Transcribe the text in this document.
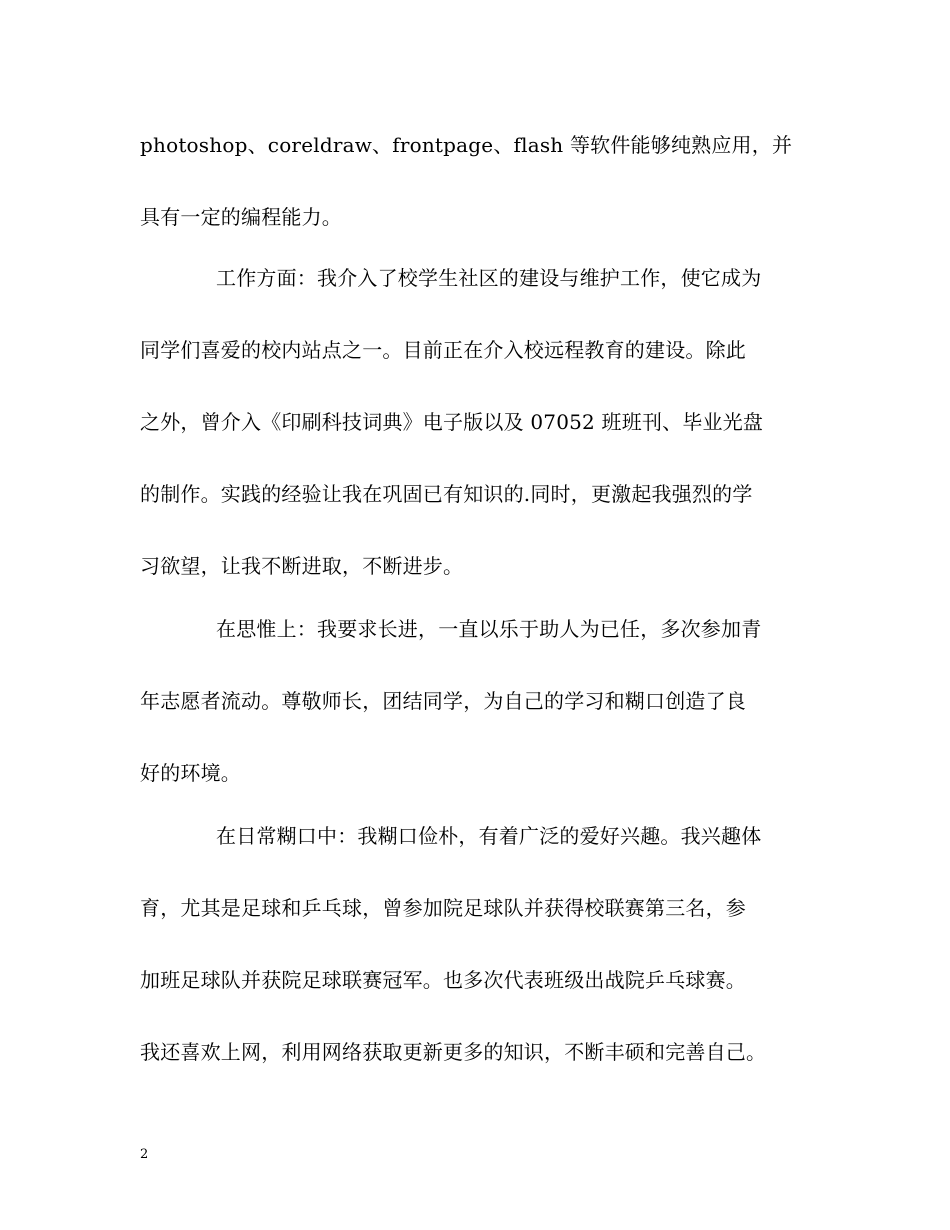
photoshop、coreldraw、frontpage、flash 等软件能够纯熟应用，并
具有一定的编程能力。
工作方面：我介入了校学生社区的建设与维护工作，使它成为
同学们喜爱的校内站点之一。目前正在介入校远程教育的建设。除此
之外，曾介入《印刷科技词典》电子版以及 07052 班班刊、毕业光盘
的制作。实践的经验让我在巩固已有知识的.同时，更激起我强烈的学
习欲望，让我不断进取，不断进步。
在思惟上：我要求长进，一直以乐于助人为已任，多次参加青
年志愿者流动。尊敬师长，团结同学，为自己的学习和糊口创造了良
好的环境。
在日常糊口中：我糊口俭朴，有着广泛的爱好兴趣。我兴趣体
育，尤其是足球和乒乓球，曾参加院足球队并获得校联赛第三名，参
加班足球队并获院足球联赛冠军。也多次代表班级出战院乒乓球赛。
我还喜欢上网，利用网络获取更新更多的知识，不断丰硕和完善自己。
2
